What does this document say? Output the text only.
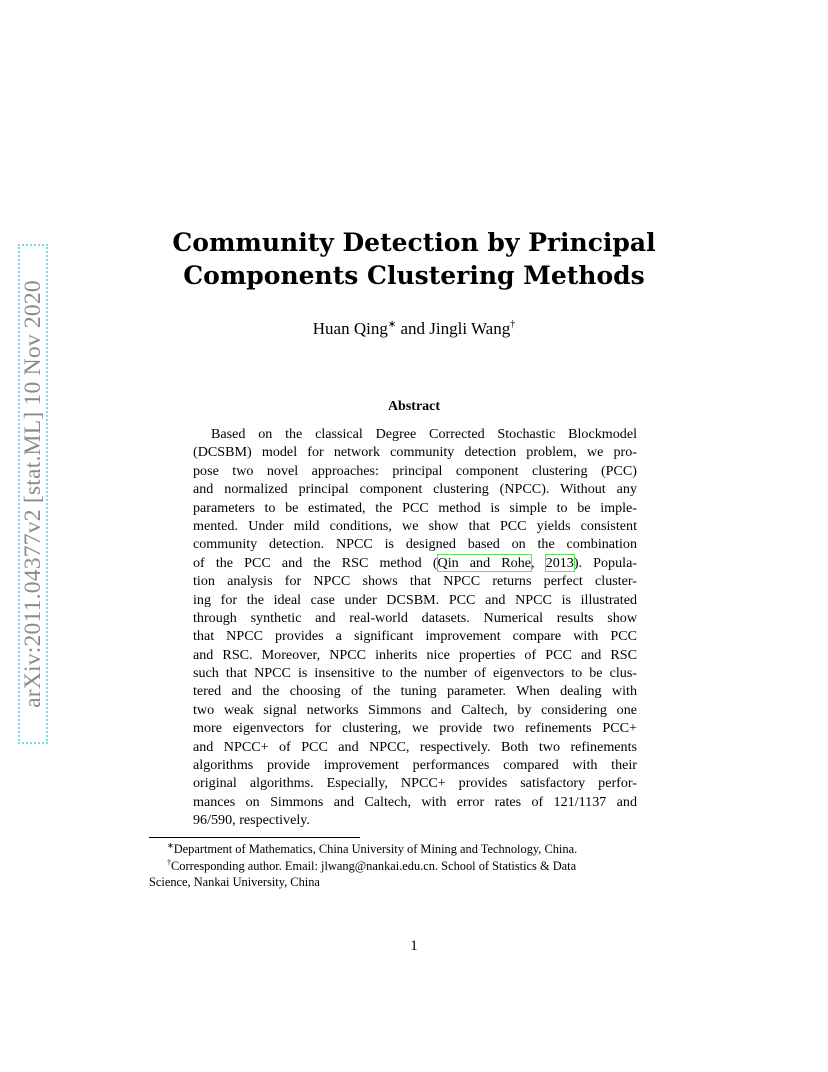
arXiv:2011.04377v2 [stat.ML] 10 Nov 2020
Community Detection by Principal
Components Clustering Methods
Huan Qing∗ and Jingli Wang†
Abstract
Based on the classical Degree Corrected Stochastic Blockmodel
(DCSBM) model for network community detection problem, we pro-
pose two novel approaches: principal component clustering (PCC)
and normalized principal component clustering (NPCC). Without any
parameters to be estimated, the PCC method is simple to be imple-
mented. Under mild conditions, we show that PCC yields consistent
community detection. NPCC is designed based on the combination
of the PCC and the RSC method (Qin and Rohe, 2013). Popula-
tion analysis for NPCC shows that NPCC returns perfect cluster-
ing for the ideal case under DCSBM. PCC and NPCC is illustrated
through synthetic and real-world datasets. Numerical results show
that NPCC provides a significant improvement compare with PCC
and RSC. Moreover, NPCC inherits nice properties of PCC and RSC
such that NPCC is insensitive to the number of eigenvectors to be clus-
tered and the choosing of the tuning parameter. When dealing with
two weak signal networks Simmons and Caltech, by considering one
more eigenvectors for clustering, we provide two refinements PCC+
and NPCC+ of PCC and NPCC, respectively. Both two refinements
algorithms provide improvement performances compared with their
original algorithms. Especially, NPCC+ provides satisfactory perfor-
mances on Simmons and Caltech, with error rates of 121/1137 and
96/590, respectively.
∗Department of Mathematics, China University of Mining and Technology, China.
†Corresponding author. Email: jlwang@nankai.edu.cn. School of Statistics & Data
Science, Nankai University, China
1
